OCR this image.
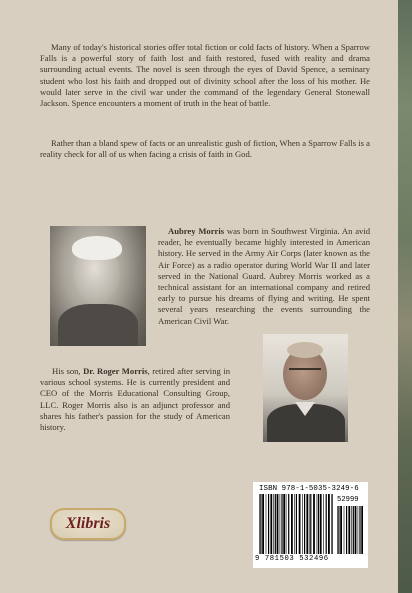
Many of today's historical stories offer total fiction or cold facts of history. When a Sparrow Falls is a powerful story of faith lost and faith restored, fused with reality and drama surrounding actual events. The novel is seen through the eyes of David Spence, a seminary student who lost his faith and dropped out of divinity school after the loss of his mother. He would later serve in the civil war under the command of the legendary General Stonewall Jackson. Spence encounters a moment of truth in the heat of battle.

Rather than a bland spew of facts or an unrealistic gush of fiction, When a Sparrow Falls is a reality check for all of us when facing a crisis of faith in God.

Aubrey Morris was born in Southwest Virginia. An avid reader, he eventually became highly interested in American history. He served in the Army Air Corps (later known as the Air Force) as a radio operator during World War II and later served in the National Guard. Aubrey Morris worked as a technical assistant for an international company and retired early to pursue his dreams of flying and writing. He spent several years researching the events surrounding the American Civil War.

His son, Dr. Roger Morris, retired after serving in various school systems. He is currently president and CEO of the Morris Educational Consulting Group, LLC. Roger Morris also is an adjunct professor and shares his father's passion for the study of American history.

Xlibris
ISBN 978-1-5035-3249-6
52999
9 781503 532496
